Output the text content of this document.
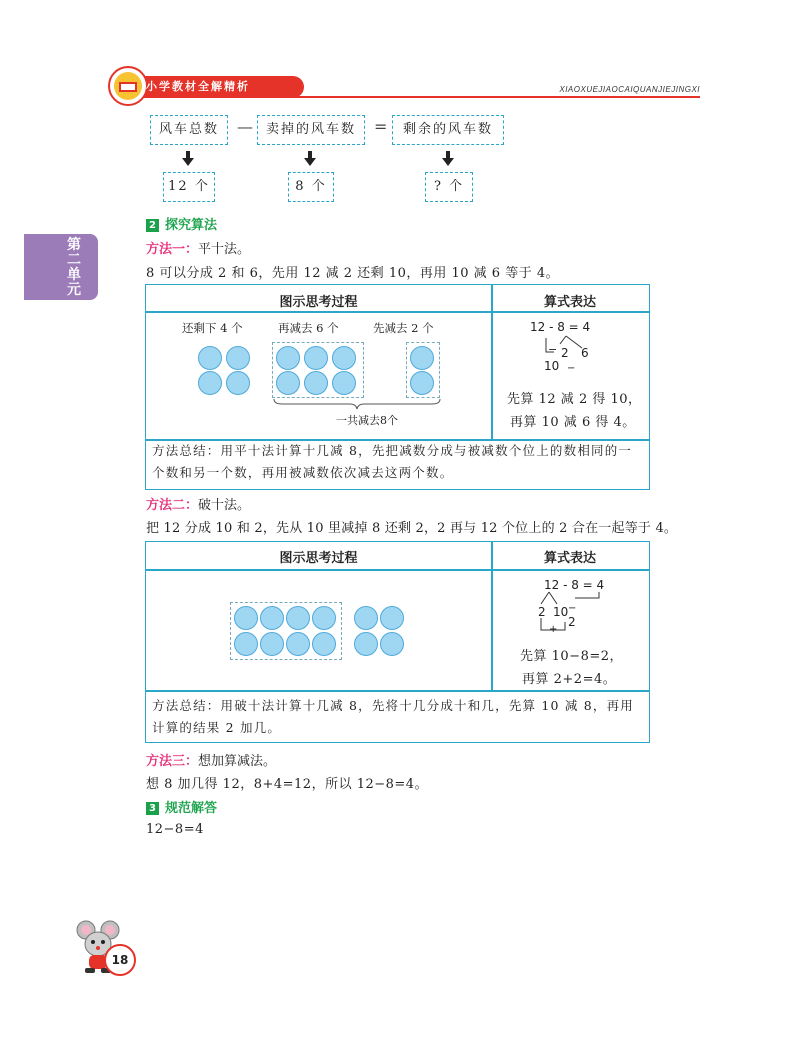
小学教材全解精析	XIAOXUEJIAOCAIQUANJIEJINGXI
第二单元
风车总数	— 卖掉的风车数	=	剩余的风车数
12 个	8 个	? 个
2 探究算法
方法一：平十法。
8 可以分成 2 和 6，先用 12 减 2 还剩 10，再用 10 减 6 等于 4。
图示思考过程	算式表达
还剩下 4 个	再减去 6 个	先减去 2 个
一共减去8个
12 - 8 = 4
− 2 6
10 −
先算 12 减 2 得 10，
再算 10 减 6 得 4。
方法总结：用平十法计算十几减 8，先把减数分成与被减数个位上的数相同的一个数和另一个数，再用被减数依次减去这两个数。
方法二：破十法。
把 12 分成 10 和 2，先从 10 里减掉 8 还剩 2，2 再与 12 个位上的 2 合在一起等于 4。
图示思考过程	算式表达
12 - 8 = 4
2 10 −
2
+
先算 10−8=2，
再算 2+2=4。
方法总结：用破十法计算十几减 8，先将十几分成十和几，先算 10 减 8，再用计算的结果 2 加几。
方法三：想加算减法。
想 8 加几得 12，8+4=12，所以 12−8=4。
3 规范解答
12−8=4
18
